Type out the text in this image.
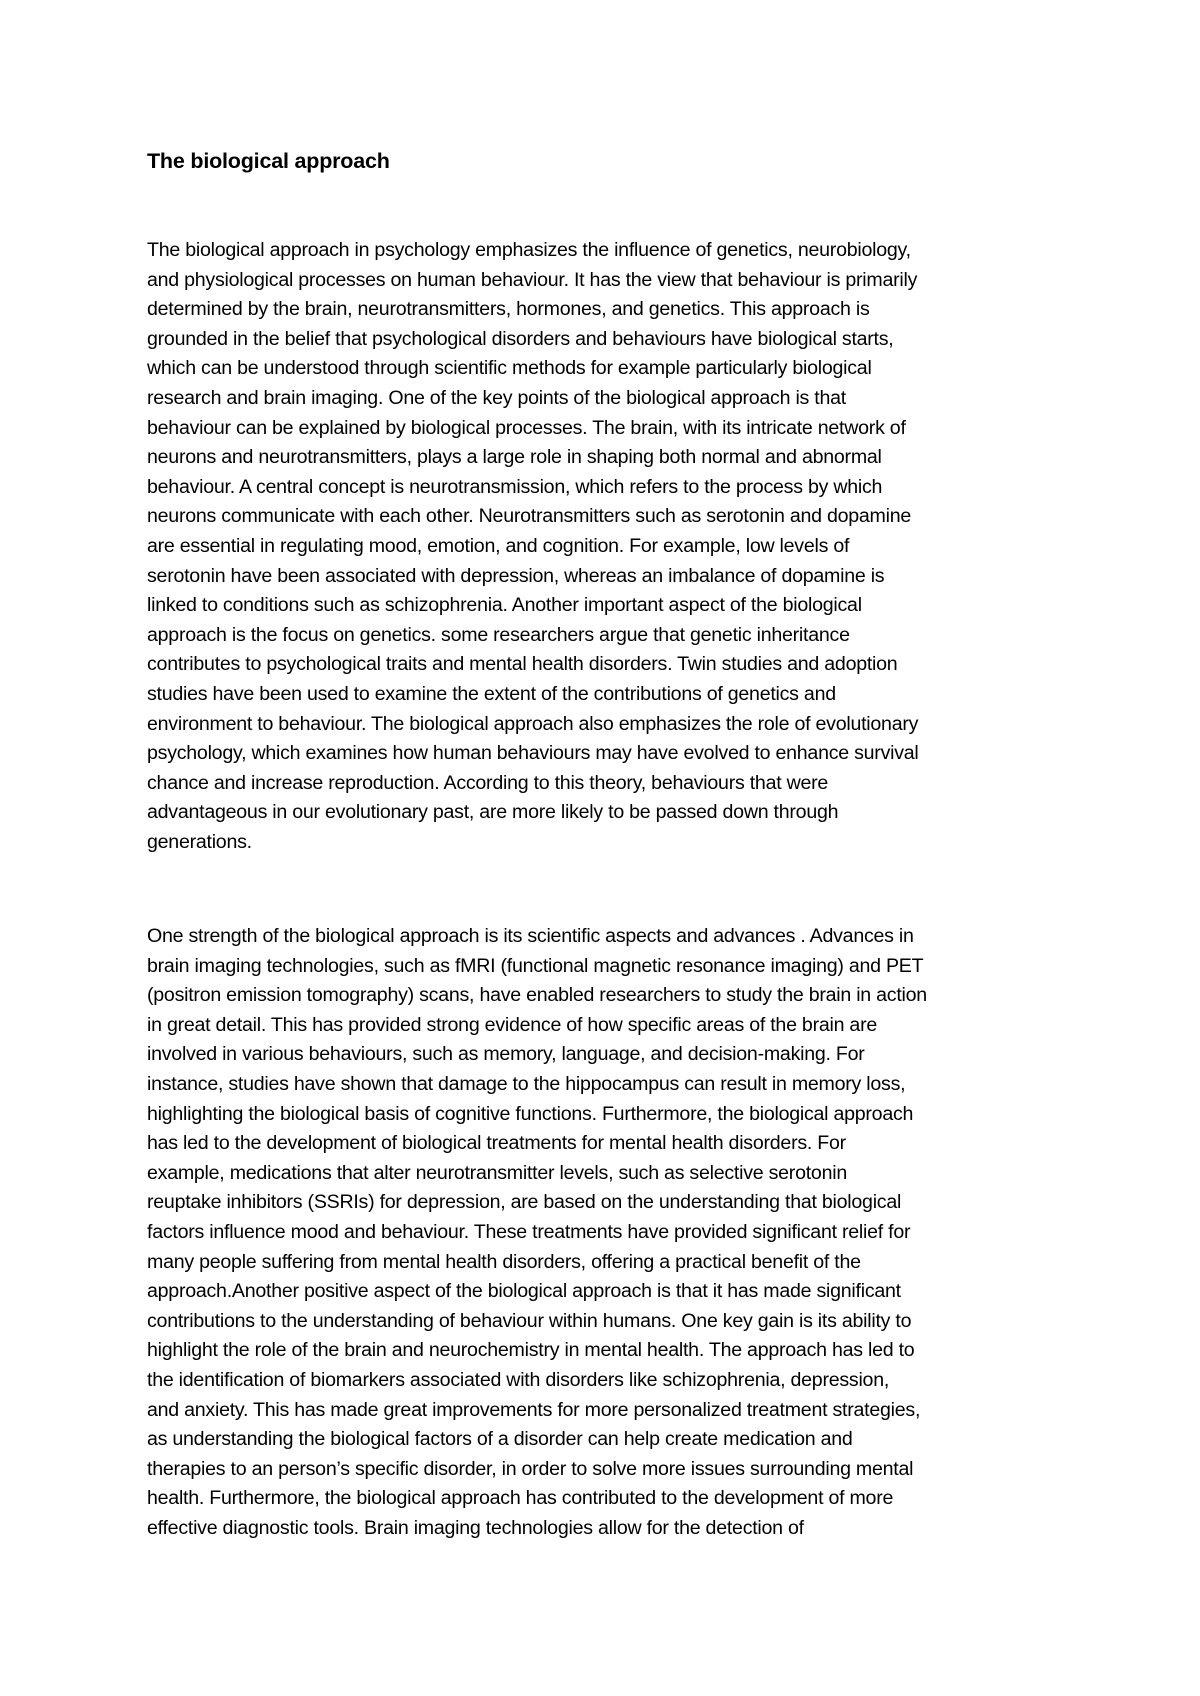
The biological approach
The biological approach in psychology emphasizes the influence of genetics, neurobiology,
and physiological processes on human behaviour. It has the view that behaviour is primarily
determined by the brain, neurotransmitters, hormones, and genetics. This approach is
grounded in the belief that psychological disorders and behaviours have biological starts,
which can be understood through scientific methods for example particularly biological
research and brain imaging. One of the key points of the biological approach is that
behaviour can be explained by biological processes. The brain, with its intricate network of
neurons and neurotransmitters, plays a large role in shaping both normal and abnormal
behaviour. A central concept is neurotransmission, which refers to the process by which
neurons communicate with each other. Neurotransmitters such as serotonin and dopamine
are essential in regulating mood, emotion, and cognition. For example, low levels of
serotonin have been associated with depression, whereas an imbalance of dopamine is
linked to conditions such as schizophrenia. Another important aspect of the biological
approach is the focus on genetics. some researchers argue that genetic inheritance
contributes to psychological traits and mental health disorders. Twin studies and adoption
studies have been used to examine the extent of the contributions of genetics and
environment to behaviour. The biological approach also emphasizes the role of evolutionary
psychology, which examines how human behaviours may have evolved to enhance survival
chance and increase reproduction. According to this theory, behaviours that were
advantageous in our evolutionary past, are more likely to be passed down through
generations.
One strength of the biological approach is its scientific aspects and advances . Advances in
brain imaging technologies, such as fMRI (functional magnetic resonance imaging) and PET
(positron emission tomography) scans, have enabled researchers to study the brain in action
in great detail. This has provided strong evidence of how specific areas of the brain are
involved in various behaviours, such as memory, language, and decision-making. For
instance, studies have shown that damage to the hippocampus can result in memory loss,
highlighting the biological basis of cognitive functions. Furthermore, the biological approach
has led to the development of biological treatments for mental health disorders. For
example, medications that alter neurotransmitter levels, such as selective serotonin
reuptake inhibitors (SSRIs) for depression, are based on the understanding that biological
factors influence mood and behaviour. These treatments have provided significant relief for
many people suffering from mental health disorders, offering a practical benefit of the
approach.Another positive aspect of the biological approach is that it has made significant
contributions to the understanding of behaviour within humans. One key gain is its ability to
highlight the role of the brain and neurochemistry in mental health. The approach has led to
the identification of biomarkers associated with disorders like schizophrenia, depression,
and anxiety. This has made great improvements for more personalized treatment strategies,
as understanding the biological factors of a disorder can help create medication and
therapies to an person’s specific disorder, in order to solve more issues surrounding mental
health. Furthermore, the biological approach has contributed to the development of more
effective diagnostic tools. Brain imaging technologies allow for the detection of
